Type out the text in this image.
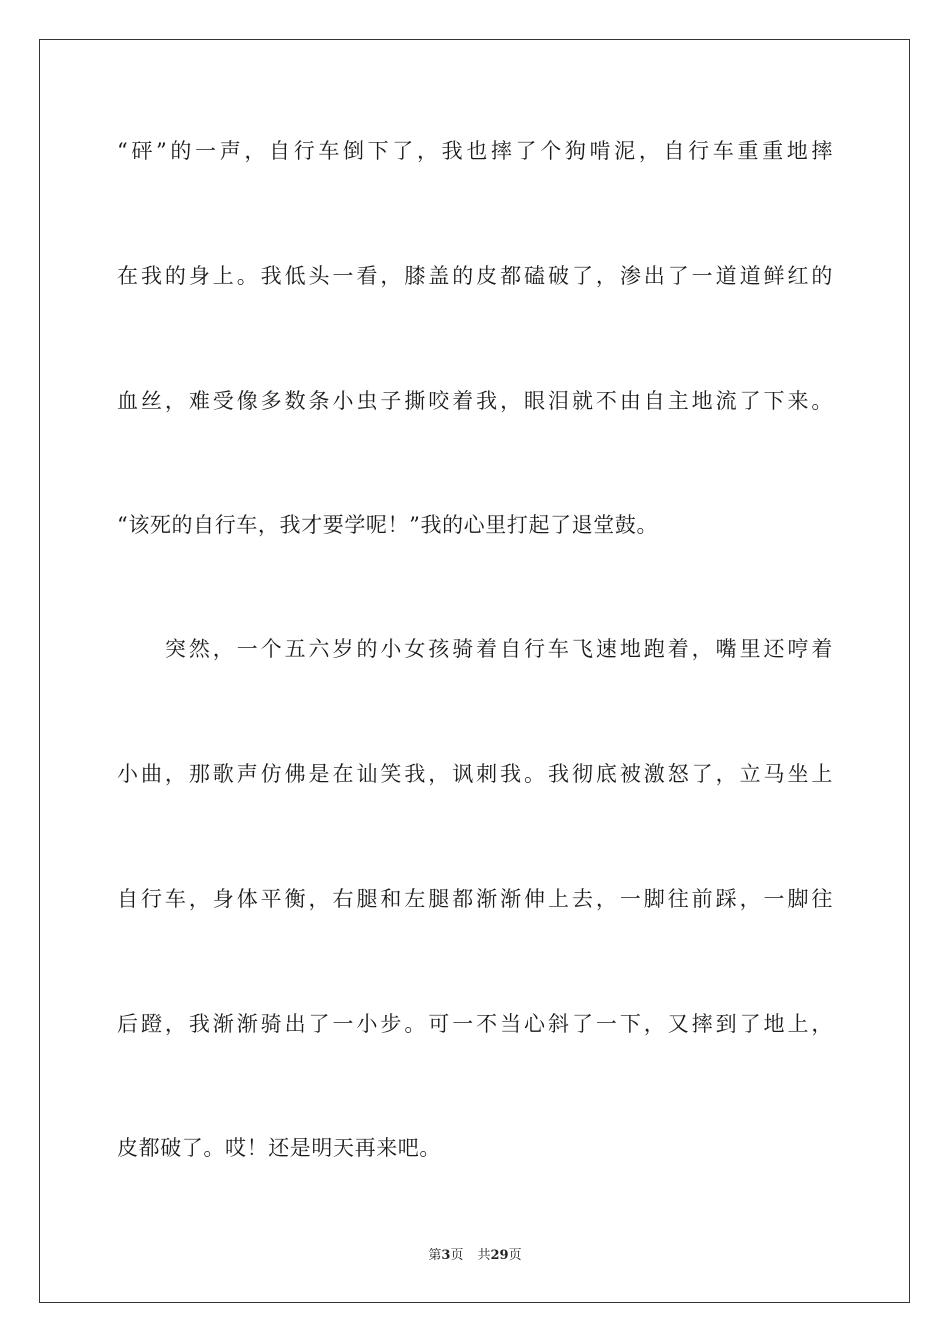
“砰”的一声，自行车倒下了，我也摔了个狗啃泥，自行车重重地摔
在我的身上。我低头一看，膝盖的皮都磕破了，渗出了一道道鲜红的
血丝，难受像多数条小虫子撕咬着我，眼泪就不由自主地流了下来。
“该死的自行车，我才要学呢！”我的心里打起了退堂鼓。
　　突然，一个五六岁的小女孩骑着自行车飞速地跑着，嘴里还哼着
小曲，那歌声仿佛是在讪笑我，讽刺我。我彻底被激怒了，立马坐上
自行车，身体平衡，右腿和左腿都渐渐伸上去，一脚往前踩，一脚往
后蹬，我渐渐骑出了一小步。可一不当心斜了一下，又摔到了地上，
皮都破了。哎！还是明天再来吧。
第3页 共29页
